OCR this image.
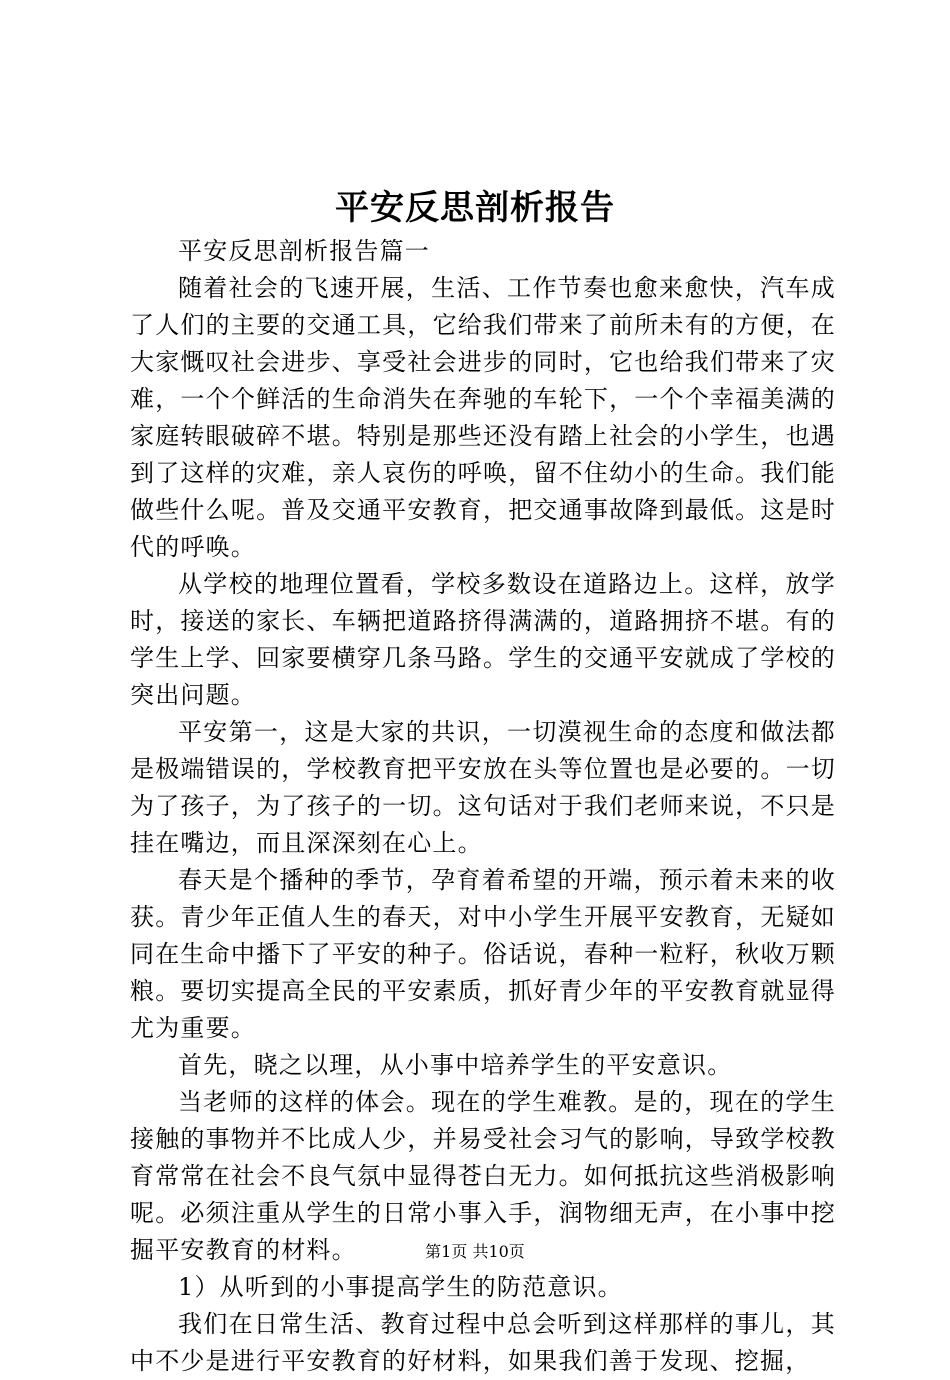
平安反思剖析报告

平安反思剖析报告篇一

随着社会的飞速开展，生活、工作节奏也愈来愈快，汽车成了人们的主要的交通工具，它给我们带来了前所未有的方便，在大家慨叹社会进步、享受社会进步的同时，它也给我们带来了灾难，一个个鲜活的生命消失在奔驰的车轮下，一个个幸福美满的家庭转眼破碎不堪。特别是那些还没有踏上社会的小学生，也遇到了这样的灾难，亲人哀伤的呼唤，留不住幼小的生命。我们能做些什么呢。普及交通平安教育，把交通事故降到最低。这是时代的呼唤。

从学校的地理位置看，学校多数设在道路边上。这样，放学时，接送的家长、车辆把道路挤得满满的，道路拥挤不堪。有的学生上学、回家要横穿几条马路。学生的交通平安就成了学校的突出问题。

平安第一，这是大家的共识，一切漠视生命的态度和做法都是极端错误的，学校教育把平安放在头等位置也是必要的。一切为了孩子，为了孩子的一切。这句话对于我们老师来说，不只是挂在嘴边，而且深深刻在心上。

春天是个播种的季节，孕育着希望的开端，预示着未来的收获。青少年正值人生的春天，对中小学生开展平安教育，无疑如同在生命中播下了平安的种子。俗话说，春种一粒籽，秋收万颗粮。要切实提高全民的平安素质，抓好青少年的平安教育就显得尤为重要。

首先，晓之以理，从小事中培养学生的平安意识。

当老师的这样的体会。现在的学生难教。是的，现在的学生接触的事物并不比成人少，并易受社会习气的影响，导致学校教育常常在社会不良气氛中显得苍白无力。如何抵抗这些消极影响呢。必须注重从学生的日常小事入手，润物细无声，在小事中挖掘平安教育的材料。

1）从听到的小事提高学生的防范意识。

我们在日常生活、教育过程中总会听到这样那样的事儿，其中不少是进行平安教育的好材料，如果我们善于发现、挖掘，

第1页 共10页
